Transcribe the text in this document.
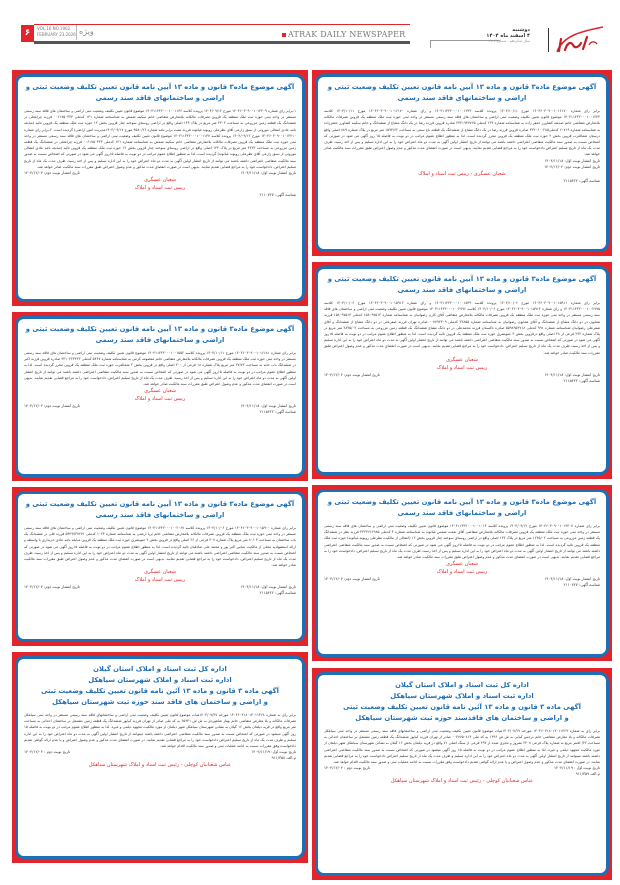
۶	VOL.16 NO.1902
FEBRUARY 23.2026 ویژه	ATRAK DAILY NEWSPAPER	دوشنبه
۴ اسفند ماه ۱۴۰۴
سال شانزدهم - شماره ۱۹۰۲
آگهی موضوع ماده۳ قانون و ماده ۱۳ آیین نامه قانون تعیین تکلیف وضعیت ثبتی و اراضی و ساختمانهای فاقد سند رسمی
برابر رای شماره ۱۴۰۴۶۰۳۰۹۰۰۱۰۱۶۱۷۰ مورخ ۱۴۰۴/۱۰/۱۱ پرونده کلاسه ۱۴۰۴۱۱۴۴۲۰۰۰۱۰۰۱۲۴۳ و رای شماره ۱۴۰۴۶۰۳۰۹۰۰۱۰۱۶۱۷۰ مورخ ۱۴۰۴/۱۰/۱۱ کلاسه ۱۴۰۴۱۱۴۴۲۰۰۰۱۰۰۱۲۴۳ موضوع قانون تعیین تکلیف وضعیت ثبتی اراضی و ساختمان های فاقد سند رسمی مستقر در واحد ثبتی حوزه ثبت ملک منطقه یک قزوین تصرفات مالکانه بلامعارض متقاضی خانم صدیقه کشاورز جعفر زاده به شناسنامه شماره ۶۶۴ کدملی ۴۳۲۱۹۳۷۷۶۵ صادره قزوین فرزند رضا در یک دانگ مشاع از ششدانگ و خانم سکینه کشاورز جعفرزاده به شناسنامه شماره ۶۰۷۱۹ کدملی۴۳۲۰۶۰۰۲۸۵ صادره قزوین فرزند رضا در یک دانگ مشاع از ششدانگ یک قطعه باغ سنتی به مساحت ۱۵۹۳/۶۲ متر مربع در پلاک شماره ۸۸۹ اصلی واقع درستان شمالغرب قزوین بخش ۴ حوزه ثبت ملک منطقه یک قزوین محرز گردیده است. لذا به منظور اطلاع عموم مراتب در دو نوبت به فاصله ۱۵ روز آگهی می شود در صورتی که اشخاص نسبت به صدور سند مالکیت متقاضی اعتراضی داشته باشند می توانند از تاریخ انتشار اولین آگهی به مدت دو ماه اعتراض خود را به این اداره تسلیم و پس از اخذ رسید، ظرف مدت یک ماه از تاریخ تسلیم اعتراض دادخواست خود را به مراجع قضایی تقدیم نمایند. بدیهی است در صورت انقضای مدت مذکور و عدم وصول اعتراض طبق مقررات سند مالکیت صادر خواهد شد.
تاریخ انتشار نوبت اول: ۱۴۰۴/۱۱/۱۸
تاریخ انتشار نوبت دوم: ۱۴۰۴/۱۲/۰۴
شعبان عسگری - رییس ثبت اسناد و املاک
شناسه آگهی: ۲۱۱۵۴۲۲
آگهی موضوع ماده۳ قانون و ماده ۱۳ آیین نامه قانون تعیین تکلیف وضعیت ثبتی و اراضی و ساختمانهای فاقد سند رسمی
برابر رای شماره ۱۴۰۴۶۰۳۰۹۰۰۱۰۱۵۹۱۱ مورخ ۱۴۰۴/۱۰/۰۶ پرونده کلاسه ۱۴۰۳۱۱۴۴۲۰۰۰۱۰۰۱۵۳۹ و رای شماره ۱۴۰۴۶۰۳۰۹۰۰۱۰۱۵۹۱۲ مورخ ۱۴۰۴/۱۰/۰۶ کلاسه ۱۴۰۳۱۱۴۴۲۰۰۰۱۰۰۲۷۹۵ و رای شماره ۱۴۰۴۶۰۳۰۹۰۰۱۰۱۵۹۱۴ مورخ ۱۴۰۴/۱۰/۰۶ کلاسه ۱۴۰۳۱۱۴۴۲۰۰۰۱۰۰۲۷۹۶ موضوع قانون تعیین تکلیف وضعیت ثبتی اراضی و ساختمان های فاقد سند رسمی مستقر در واحد ثبتی حوزه ثبت ملک منطقه یک قزوین تصرفات مالکانه بلامعارض متقاضی آقای کارن رضوانیان به شناسنامه شماره ۱۵۸۰۹۷۵۱۳ کدملی ۱۵۸۰۹۷۵۱۳ فرزند همایون در دو دانگ مشاع از ششدانگ و آقای همایون رضوانیان به شناسنامه شماره ۳۲۸۵۵ کدملی ۰۰۷۷۹۲۴۰۹ صادره تهران فرزند صفرعلی در دو دانگ مشاع از ششدانگ و آقای صفرعلی رضوانیان شناسنامه شماره ۹۹۱ کدملی ۵۵۹۸۹۵۲۷۱۸ صادره تاکستان فرزند محمدعلی در دو دانگ مشاع ششدانگ یک قطعه زمین مزروعی به مساحت ۲۸۴۵/۰۲ متر مربع در پلاک شماره ۲۹۲ فرعی از ۲۸ اصلی واقع درقزوین بخش ۴ جنوبشرق حوزه ثبت ملک منطقه یک قزوین تائید گردیده است. لذا به منظور اطلاع عموم مراتب در دو نوبت به فاصله ۱۵روز آگهی می شود در صورتی که اشخاص نسبت به صدور سند مالکیت متقاضی اعتراضی داشته باشند می توانند از تاریخ انتشار اولین آگهی به مدت دو ماه اعتراض خود را به این اداره تسلیم و پس از اخذ رسید، ظرف مدت یک ماه از تاریخ تسلیم اعتراض، دادخواست خود را به مراجع قضایی تقدیم نمایند. بدیهی است در صورت انقضای مدت مذکور و عدم وصول اعتراض طبق مقررات سند مالکیت صادر خواهد شد.
شعبان عسگری
رییس ثبت اسناد و املاک
تاریخ انتشار نوبت اول: ۱۴۰۴/۱۱/۱۸
تاریخ انتشار نوبت دوم: ۱۴۰۴/۱۲/۰۴
شناسه آگهی: ۲۱۱۵۴۲۲
آگهی موضوع ماده۳ قانون و ماده ۱۳ آیین نامه قانون تعیین تکلیف وضعیت ثبتی و اراضی و ساختمانهای فاقد سند رسمی
برابر رای شماره ۱۴۰۴۶۰۳۰۹۰۰۱۰۱۴۴۰۷ مورخ ۱۴۰۴/۰۹/۱۲ پرونده کلاسه ۱۴۰۴۱۱۴۴۲۰۰۰۱۰۰۱۰۱۴ موضوع قانون تعیین تکلیف وضعیت ثبتی اراضی و ساختمان های فاقد سند رسمی مستقر در واحد ثبتی حوزه ثبت ملک منطقه یک قزوین تصرفات مالکانه بلامعارض متقاضی آقای نعمت شمس غیاثوند به شناسنامه شماره ۳ کدملی ۴۳۲۳۶۶۶۹۸۵ فرزند نظر در ششدانگ یک قطعه زمین مزروعی به مساحت ۱۲۶۵/۰۲ متر مربع در پلاک ۱۴۴ اصلی واقع در اراضی روستای سوخته چنار قزوین بخش ۱۲ (انتقالی از مالکیت نظرعلی رویوند غیاثوند) حوزه ثبت ملک منطقه یک قزوین تائید گردیده است. لذا به منظور اطلاع عموم مراتب در دو نوبت به فاصله ۱۵روز آگهی می شود در صورتی که اشخاص نسبت به صدور سند مالکیت متقاضی اعتراضی داشته باشند می توانند از تاریخ انتشار اولین آگهی به مدت دو ماه اعتراض خود را به این اداره تسلیم و پس از اخذ رسید، ظرف مدت یک ماه از تاریخ تسلیم اعتراض، دادخواست خود را به مراجع قضایی تقدیم نمایند. بدیهی است در صورت انقضای مدت مذکور و عدم وصول اعتراض طبق مقررات سند مالکیت صادر خواهد شد.
شعبان عسگری
رییس ثبت اسناد و املاک
تاریخ انتشار نوبت اول: ۱۴۰۴/۱۱/۱۸
تاریخ انتشار نوبت دوم: ۱۴۰۴/۱۲/۰۴
شناسه آگهی: ۲۱۱۰۷۲۷
اداره کل ثبت اسناد و املاک استان گیلان
اداره ثبت اسناد و املاک شهرستان سیاهکل
آگهی ماده ۳ قانون و ماده ۱۳ آئین نامه قانون تعیین تکلیف وضعیت ثبتی
و اراضی و ساختمان های فاقدسند حوزه ثبت شهرستان سیاهکل
برابر رای به شماره ۱۴۰۴۶۰۳۱۸۰۱۳۰۱۱۳۶۹ مورخه ۱۴۰۴/۰۷/۲۷هیات موضوع قانون تعیین تکلیف وضعیت ثبتی اراضی و ساختمانهای فاقد سند رسمی مستقر در واحد ثبتی سیاهکل تصرفات مالکانه و بلا معارض متقاضی خانم نرجس کیایی به ش ش ۱۳۹۶ به کد ملی ۰۰۴۷۷۵۰۸۱۴ صادر از تهران فرزند کیاپور ششدانگ یک قطعه زمین مشتمل بر ساختمان احداثی به مساحت ۵۰/۲۲متر مربع به شماره پلاک فرعی ۲۲۰۸ مفروز و مجزی شده از ۴۹۳ فرعی از سنگ اصلی ۷۱ واقع در قریه دیلمان بخش ۱۶ گیلان به نشانی شهرستان سیاهکل شهر دیلمان از مورد مالکیت مجهود دیلمی و غیره. لذا به منظور اطلاع عموم مراتب در دو نوبت به فاصله ۱۵ روز آگهی میشود در صورتی که اشخاص نسبت به صدور سند مالکیت متقاضی اعتراضی داشته باشند میتوانند از تاریخ انتشار اولین آگهی به مدت دو ماه اعتراض خود را به این اداره تسلیم و ظرف مدت یک ماه از تاریخ تسلیم اعتراض دادخواست خود را به مراجع قضایی تقدیم نمایند. در صورت انقضای مدت مذکور و عدم وصول اعتراض و یا عدم ارائه گواهی تقدیم دادخواست وفق مقررات نسبت به ادامه عملیات ثبتی و صدور سند مالکیت اقدام خواهد شد.
تاریخ نوبت اول : ۱۴۰۴/۱۱/۱۹
تاریخ نوبت دوم : ۱۴۰۴/۱۲/۰۴
م.الف ۹۱۱/۳۵۹
عباس شعبانیان کوچلی - رئیس ثبت اسناد و املاک شهرستان سیاهکل
آگهی موضوع ماده۳ قانون و ماده ۱۳ آیین نامه قانون تعیین تکلیف وضعیت ثبتی و اراضی و ساختمانهای فاقد سند رسمی
۱-برابر رای شماره ۱۴۰۴۶۰۳۰۹۰۰۱۰۱۴۲۰۹ مورخ ۱۴۰۴/۰۹/۱۲ پرونده کلاسه ۱۴۰۴۱۱۴۴۲۰۰۰۱۰۰۱۱۳۶ موضوع قانون تعیین تکلیف وضعیت ثبتی اراضی و ساختمان های فاقد سند رسمی مستقر در واحد ثبتی حوزه ثبت ملک منطقه یک قزوین تصرفات مالکانه بلامعارض متقاضی خانم سکینه شمش به شناسنامه شماره ۱۳۱ کدملی ۰۰۶۱۷۵۰۳۴۴ فرزند چراغعلی در ششدانگ یک قطعه زمین مزروعی به مساحت ۲۳۰۲ متر مربع در پلاک ۱۴۴ اصلی واقع در اراضی روستای سوخته چنار قزوین بخش ۱۲ حوزه ثبت ملک منطقه یک قزوین تائید (مبایعه نامه عادی انتقالی موروثی از نسق زارعی آقای نظرعلی رویوند غیاثوند فرزند همت برابر نامه شماره ۴۵۸۰/۲۶ مورخ ۱۴۰۴/۰۹/۱۷مدیریت امور اراضی) گردیده است. ۲-برابر رای شماره ۱۴۰۴۶۰۳۰۹۰۰۱۰۱۴۲۱۰ مورخ ۱۴۰۴/۰۹/۱۲ پرونده کلاسه ۱۴۰۴۱۱۴۴۲۰۰۰۱۰۰۱۱۳۷ موضوع قانون تعیین تکلیف وضعیت ثبتی اراضی و ساختمان های فاقد سند رسمی مستقر در واحد ثبتی حوزه ثبت ملک منطقه یک قزوین تصرفات مالکانه بلامعارض متقاضی خانم سکینه شمش به شناسنامه شماره ۱۳۱ کدملی ۰۰۶۱۷۵۰۳۴۴ فرزند چراغعلی در ششدانگ یک قطعه زمین مزروعی به مساحت ۴۶۲۳ متر مربع در پلاک ۱۴۴ اصلی واقع در اراضی روستای سوخته چنار قزوین بخش ۱۲ حوزه ثبت ملک منطقه یک قزوین تائید (مبایعه نامه عادی انتقالی موروثی از نسق زارعی آقای نظرعلی رویوند غیاثوند) گردیده است. لذا به منظور اطلاع عموم مراتب در دو نوبت به فاصله ۱۵روز آگهی می شود در صورتی که اشخاص نسبت به صدور سند مالکیت متقاضی اعتراضی داشته باشند می توانند از تاریخ انتشار اولین آگهی به مدت دو ماه اعتراض خود را به این اداره تسلیم و پس از اخذ رسید، ظرف مدت یک ماه از تاریخ تسلیم اعتراض، دادخواست خود را به مراجع قضایی تقدیم نمایند. بدیهی است در صورت انقضای مدت مذکور و عدم وصول اعتراض طبق مقررات سند مالکیت صادر خواهد شد.
تاریخ انتشار نوبت اول: ۱۴۰۴/۱۱/۱۸
تاریخ انتشار نوبت دوم: ۱۴۰۴/۱۲/۰۴
شعبان عسگری
رییس ثبت اسناد و املاک
شناسه آگهی: ۲۱۱۰۷۲۷
آگهی موضوع ماده۳ قانون و ماده ۱۳ آیین نامه قانون تعیین تکلیف وضعیت ثبتی و اراضی و ساختمانهای فاقد سند رسمی
برابر رای شماره ۱۴۰۴۶۰۳۰۹۰۰۱۰۱۶۱۸۱ مورخ ۱۴۰۴/۱۰/۱۱ پرونده کلاسه ۱۴۰۴۱۱۴۴۲۰۰۰۱۰۰۱۵۵۲ موضوع قانون تعیین تکلیف وضعیت ثبتی اراضی و ساختمان های فاقد سند رسمی مستقر در واحد ثبتی حوزه ثبت ملک منطقه یک قزوین تصرفات مالکانه بلامعارض متقاضی خانم معصومه کرمی به شناسنامه شماره ۵۴۶۷ کدملی ۴۴۱۰۲۲۳۳۲۲ صادره قزوین فرزند اکبر در ششدانگ باب خانه به مساحت ۲۷/۷۲ متر مربع پلاک شماره ۱۸ فرعی از ۲۰۰ اصلی واقع در قزوین بخش ۲ شمالغرب حوزه ثبت ملک منطقه یک قزوین محرز گردیده است. لذا به منظور اطلاع عموم مراتب در دو نوبت به فاصله ۱۵روز آگهی می شود در صورتی که اشخاص نسبت به صدور سند مالکیت متقاضی اعتراضی داشته باشند می توانند از تاریخ انتشار اولین آگهی به مدت دو ماه اعتراض خود را به این اداره تسلیم و پس از اخذ رسید، ظرف مدت یک ماه از تاریخ تسلیم اعتراض، دادخواست خود را به مراجع قضایی تقدیم نمایند. بدیهی است در صورت انقضای مدت مذکور و عدم وصول اعتراض طبق مقررات سند مالکیت صادر خواهد شد.
شعبان عسگری
رییس ثبت اسناد و املاک
تاریخ انتشار نوبت اول: ۱۴۰۴/۱۱/۱۸
تاریخ انتشار نوبت دوم: ۱۴۰۴/۱۲/۰۴
شناسه آگهی: ۲۱۱۵۴۲۲
آگهی موضوع ماده۳ قانون و ماده ۱۳ آیین نامه قانون تعیین تکلیف وضعیت ثبتی و اراضی و ساختمانهای فاقد سند رسمی
برابر رای شماره ۱۴۰۴۶۰۳۰۹۰۰۱۰۱۵۹۰۰ مورخ ۱۴۰۴/۱۰/۰۶ پرونده کلاسه ۱۴۰۴۱۱۴۴۲۰۰۰۱۰۰۲۰۶۷ موضوع قانون تعیین تکلیف وضعیت ثبتی اراضی و ساختمان های فاقد سند رسمی مستقر در واحد ثبتی حوزه ثبت ملک منطقه یک قزوین تصرفات مالکانه بلامعارض متقاضی خانم ثریا ارغمی به شناسنامه شماره ۱۰۲۳ کدملی ۵۹۴۹۷۲۷۲۷۱ فرزند قلی در ششدانگ یک باب ساختمان به مساحت ۸۰/۰۳ متر مربع پلاک شماره ۳۰۷ فرعی از ۲۶ اصلی واقع در قزوین بخش ۴ جنوبشرق حوزه ثبت ملک منطقه یک قزوین مبایعه نامه عادی خریداری با واسطه و ارائه استشهادیه محلی از مالکیت عباس اکبر پور و محمد علی صادقیان تائید گردیده است. لذا به منظور اطلاع عموم مراتب در دو نوبت به فاصله ۱۵روز آگهی می شود در صورتی که اشخاص نسبت به صدور سند مالکیت متقاضی اعتراضی داشته باشند می توانند از تاریخ انتشار اولین آگهی به مدت دو ماه اعتراض خود را به این اداره تسلیم و پس از اخذ رسید، ظرف مدت یک ماه از تاریخ تسلیم اعتراض، دادخواست خود را به مراجع قضایی تقدیم نمایند. بدیهی است در صورت انقضای مدت مذکور و عدم وصول اعتراض طبق مقررات سند مالکیت صادر خواهد شد.
شعبان عسگری
رییس ثبت اسناد و املاک
تاریخ انتشار نوبت اول: ۱۴۰۴/۱۱/۱۸
تاریخ انتشار نوبت دوم: ۱۴۰۴/۱۲/۰۴
شناسه آگهی: ۲۱۱۵۴۲۲
اداره کل ثبت اسناد و املاک استان گیلان
اداره ثبت اسناد و املاک شهرستان سیاهکل
آگهی ماده ۳ قانون و ماده ۱۳ آئین نامه قانون تعیین تکلیف وضعیت ثبتی
و اراضی و ساختمان های فاقد سند حوزه ثبت شهرستان سیاهکل
برابر رای به شماره ۱۴۰۴۶۰۳۱۸۰۱۳۰۱۱۳۶۸ مورخه ۱۴۰۴/۰۷/۲۷هیات موضوع قانون تعیین تکلیف وضعیت ثبتی اراضی و ساختمانهای فاقد سند رسمی مستقر در واحد ثبتی سیاهکل تصرفات مالکانه و بلا معارض متقاضی خانم بهناز شاهوردی به ش ش ۶۵۹۳۱ به کد ملی صادر از تهران فرزند کیاپور ششدانگ یک قطعه زمین مشتمل بر ساختمان احداثی به مساحت متر مربع واقع در قریه دیلمان بخش ۱۶ گیلان به نشانی شهرستان سیاهکل شهر دیلمان از مورد مالکیت مجهود دیلمی و غیره. لذا به منظور اطلاع عموم مراتب در دو نوبت به فاصله ۱۵ روز آگهی میشود در صورتی که اشخاص نسبت به صدور سند مالکیت متقاضی اعتراضی داشته باشند میتوانند از تاریخ انتشار اولین آگهی به مدت دو ماه اعتراض خود را به این اداره تسلیم و ظرف مدت یک ماه از تاریخ تسلیم اعتراض دادخواست خود را به مراجع قضایی تقدیم نمایند. در صورت انقضای مدت مذکور و عدم وصول اعتراض و یا عدم ارائه گواهی تقدیم دادخواست وفق مقررات نسبت به ادامه عملیات ثبتی و صدور سند مالکیت اقدام خواهد شد.
تاریخ نوبت اول: ۱۴۰۴/۱۱/۱۹
تاریخ نوبت دوم : ۱۴۰۴/۱۲/۰۴
م.الف ۹۱۱/۳۵۸
عباس شعبانیان کوچلی - رئیس ثبت اسناد و املاک شهرستان سیاهکل
